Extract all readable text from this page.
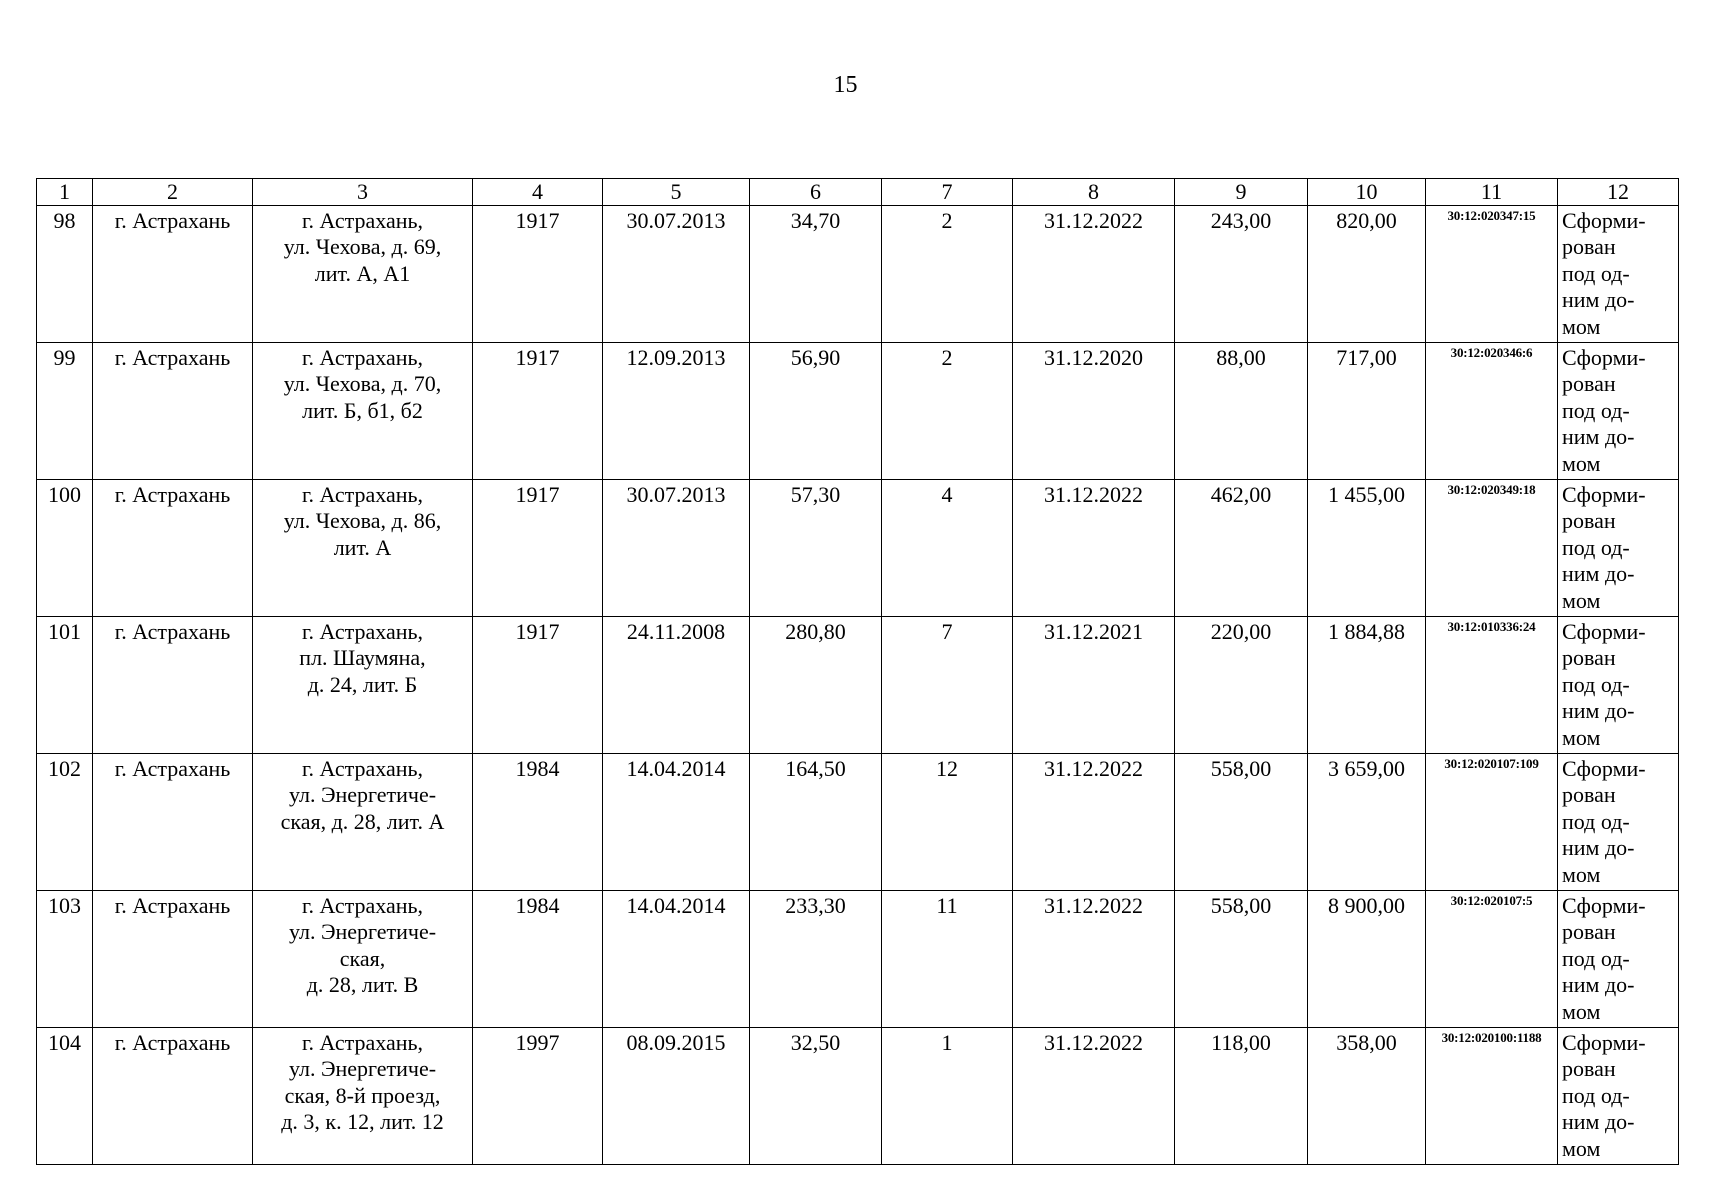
15
1	2	3	4	5	6	7	8	9	10	11	12
98	г. Астрахань	г. Астрахань,
ул. Чехова, д. 69,
лит. А, А1	1917	30.07.2013	34,70	2	31.12.2022	243,00	820,00	30:12:020347:15	Сформи-
рован
под од-
ним до-
мом

99	г. Астрахань	г. Астрахань,
ул. Чехова, д. 70,
лит. Б, б1, б2	1917	12.09.2013	56,90	2	31.12.2020	88,00	717,00	30:12:020346:6	Сформи-
рован
под од-
ним до-
мом

100	г. Астрахань	г. Астрахань,
ул. Чехова, д. 86,
лит. А	1917	30.07.2013	57,30	4	31.12.2022	462,00	1 455,00	30:12:020349:18	Сформи-
рован
под од-
ним до-
мом

101	г. Астрахань	г. Астрахань,
пл. Шаумяна,
д. 24, лит. Б	1917	24.11.2008	280,80	7	31.12.2021	220,00	1 884,88	30:12:010336:24	Сформи-
рован
под од-
ним до-
мом

102	г. Астрахань	г. Астрахань,
ул. Энергетиче-
ская, д. 28, лит. А	1984	14.04.2014	164,50	12	31.12.2022	558,00	3 659,00	30:12:020107:109	Сформи-
рован
под од-
ним до-
мом

103	г. Астрахань	г. Астрахань,
ул. Энергетиче-
ская,
д. 28, лит. В	1984	14.04.2014	233,30	11	31.12.2022	558,00	8 900,00	30:12:020107:5	Сформи-
рован
под од-
ним до-
мом

104	г. Астрахань	г. Астрахань,
ул. Энергетиче-
ская, 8-й проезд,
д. 3, к. 12, лит. 12	1997	08.09.2015	32,50	1	31.12.2022	118,00	358,00	30:12:020100:1188	Сформи-
рован
под од-
ним до-
мом
